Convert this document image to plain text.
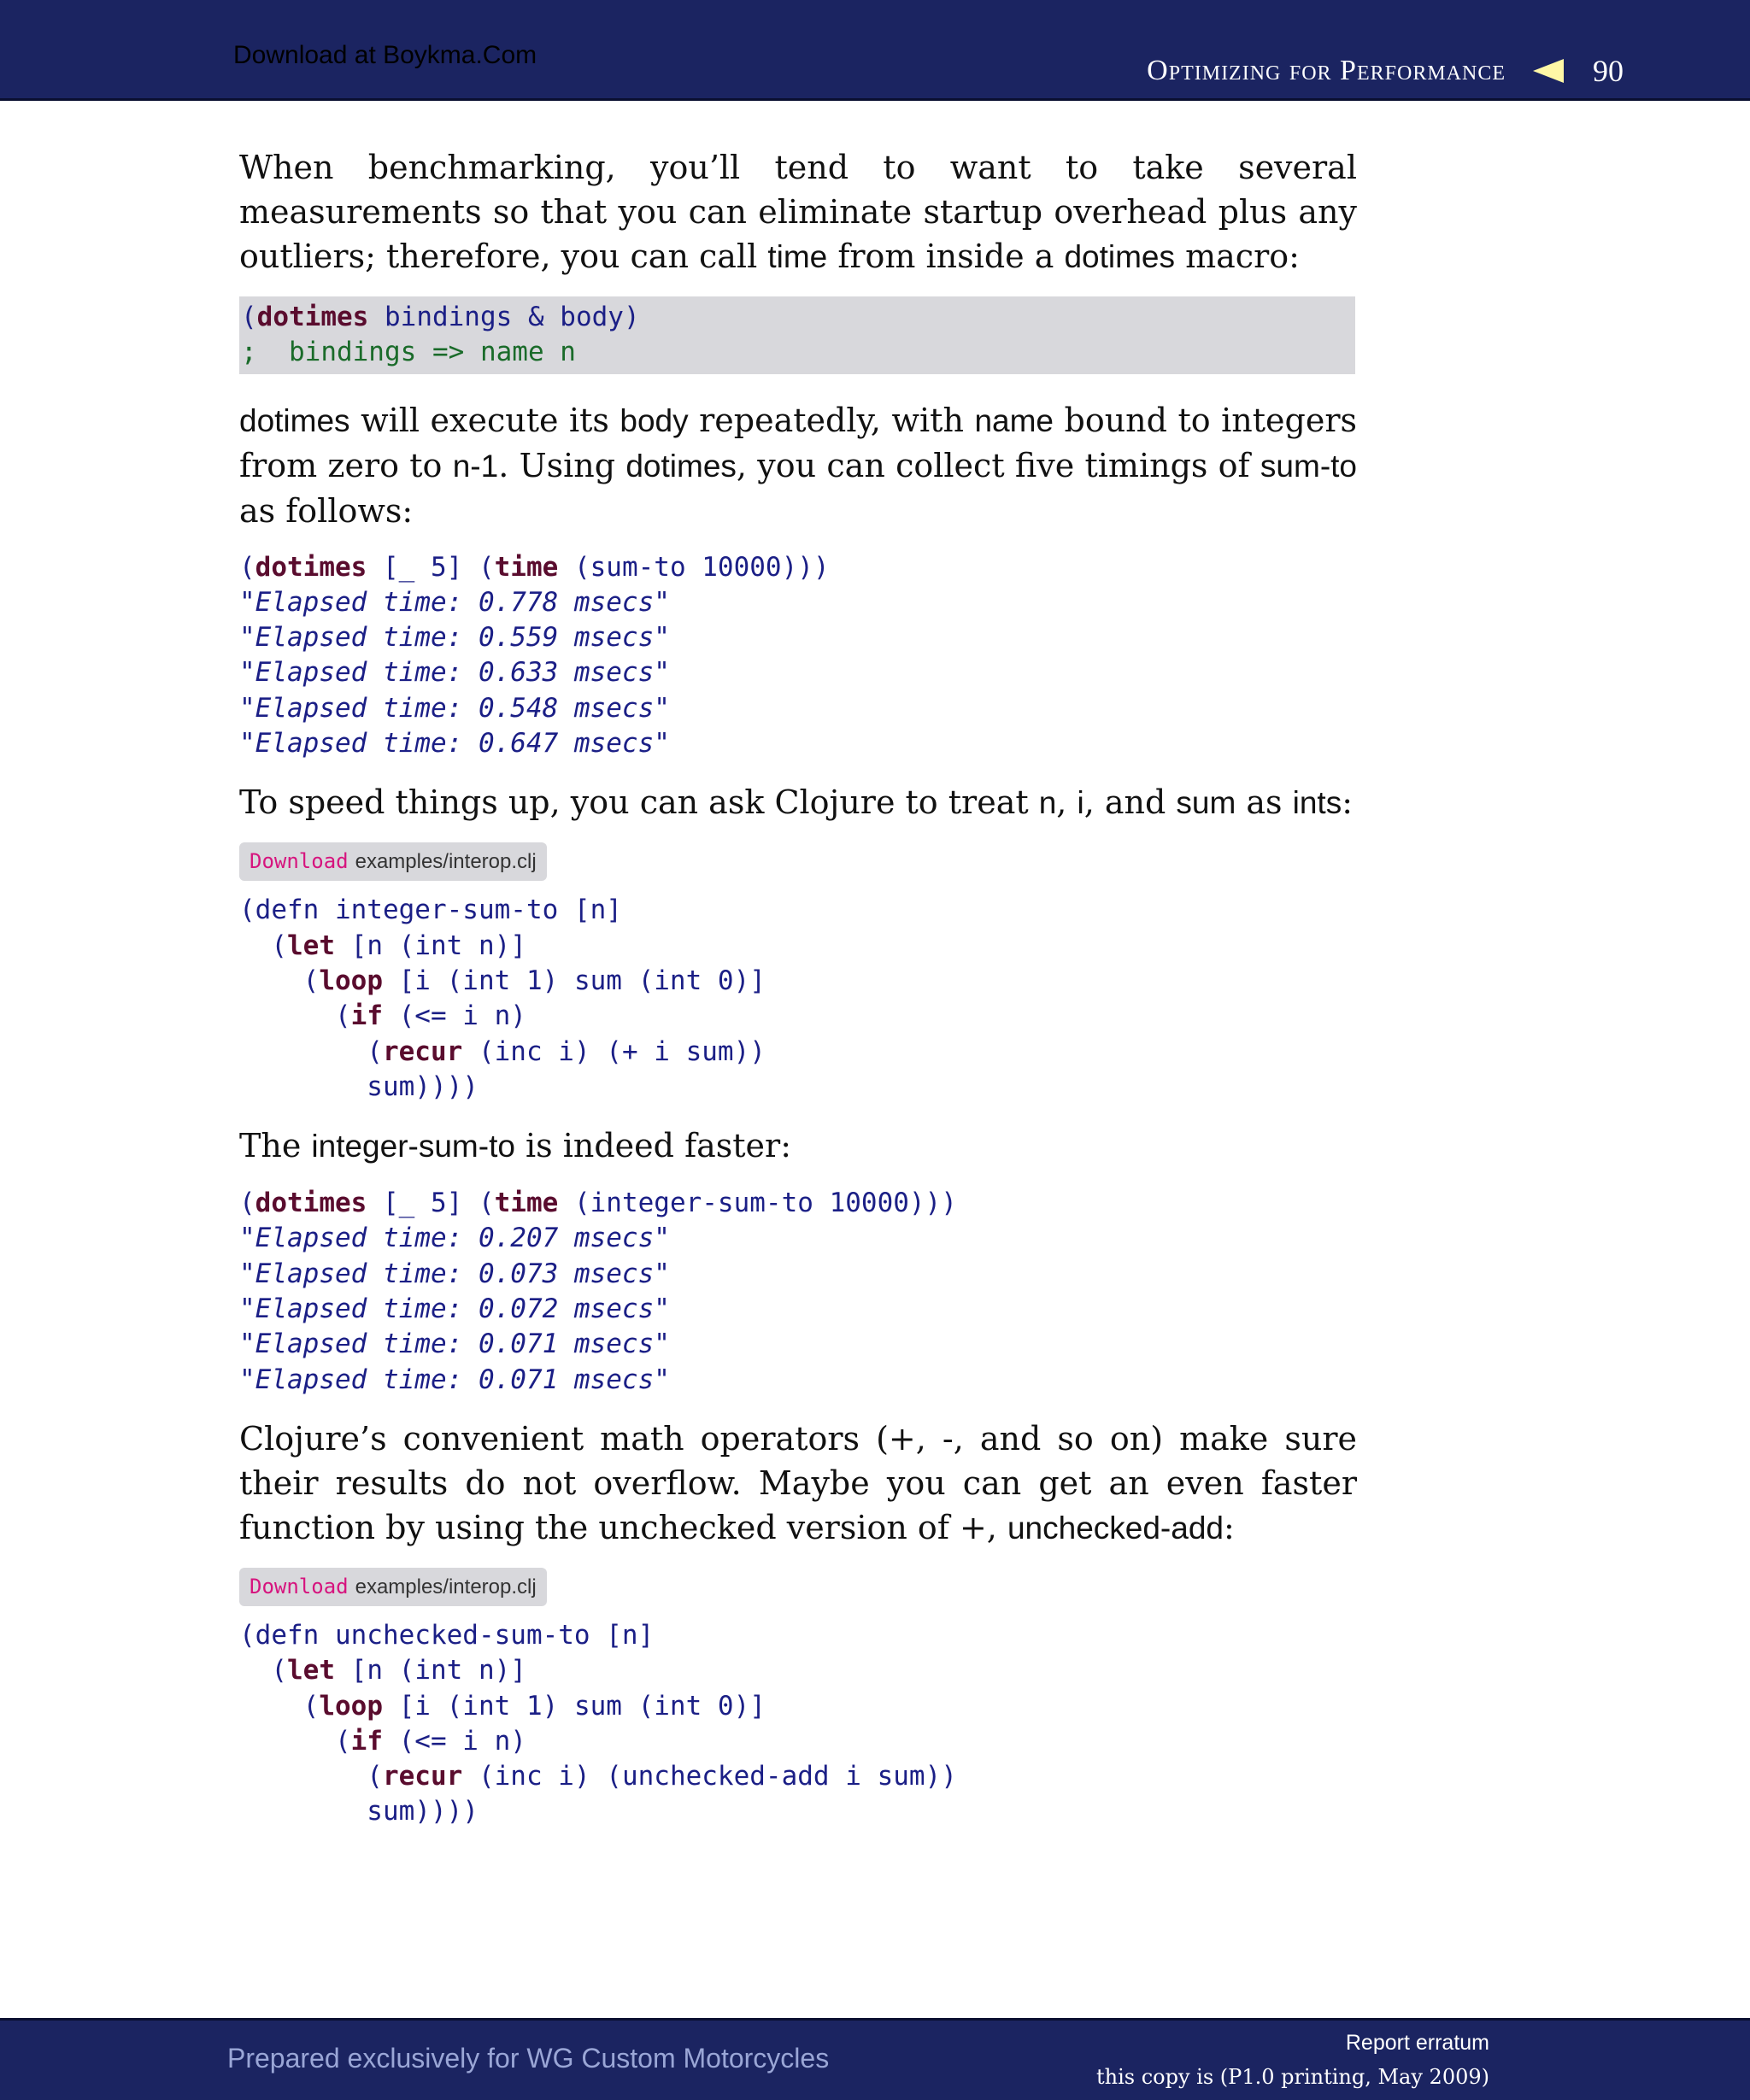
Download at Boykma.Com	Optimizing for Performance	90

When benchmarking, you’ll tend to want to take several measurements so that you can eliminate startup overhead plus any outliers; therefore, you can call time from inside a dotimes macro:

(dotimes bindings & body)
;  bindings => name n

dotimes will execute its body repeatedly, with name bound to integers from zero to n-1. Using dotimes, you can collect five timings of sum-to as follows:

(dotimes [_ 5] (time (sum-to 10000)))
"Elapsed time: 0.778 msecs"
"Elapsed time: 0.559 msecs"
"Elapsed time: 0.633 msecs"
"Elapsed time: 0.548 msecs"
"Elapsed time: 0.647 msecs"

To speed things up, you can ask Clojure to treat n, i, and sum as ints:

Download examples/interop.clj
(defn integer-sum-to [n]
(let [n (int n)]
(loop [i (int 1) sum (int 0)]
(if (<= i n)
(recur (inc i) (+ i sum))
sum))))

The integer-sum-to is indeed faster:

(dotimes [_ 5] (time (integer-sum-to 10000)))
"Elapsed time: 0.207 msecs"
"Elapsed time: 0.073 msecs"
"Elapsed time: 0.072 msecs"
"Elapsed time: 0.071 msecs"
"Elapsed time: 0.071 msecs"

Clojure’s convenient math operators (+, -, and so on) make sure their results do not overflow. Maybe you can get an even faster function by using the unchecked version of +, unchecked-add:

Download examples/interop.clj
(defn unchecked-sum-to [n]
(let [n (int n)]
(loop [i (int 1) sum (int 0)]
(if (<= i n)
(recur (inc i) (unchecked-add i sum))
sum))))
Prepared exclusively for WG Custom Motorcycles	Report erratum
this copy is (P1.0 printing, May 2009)
